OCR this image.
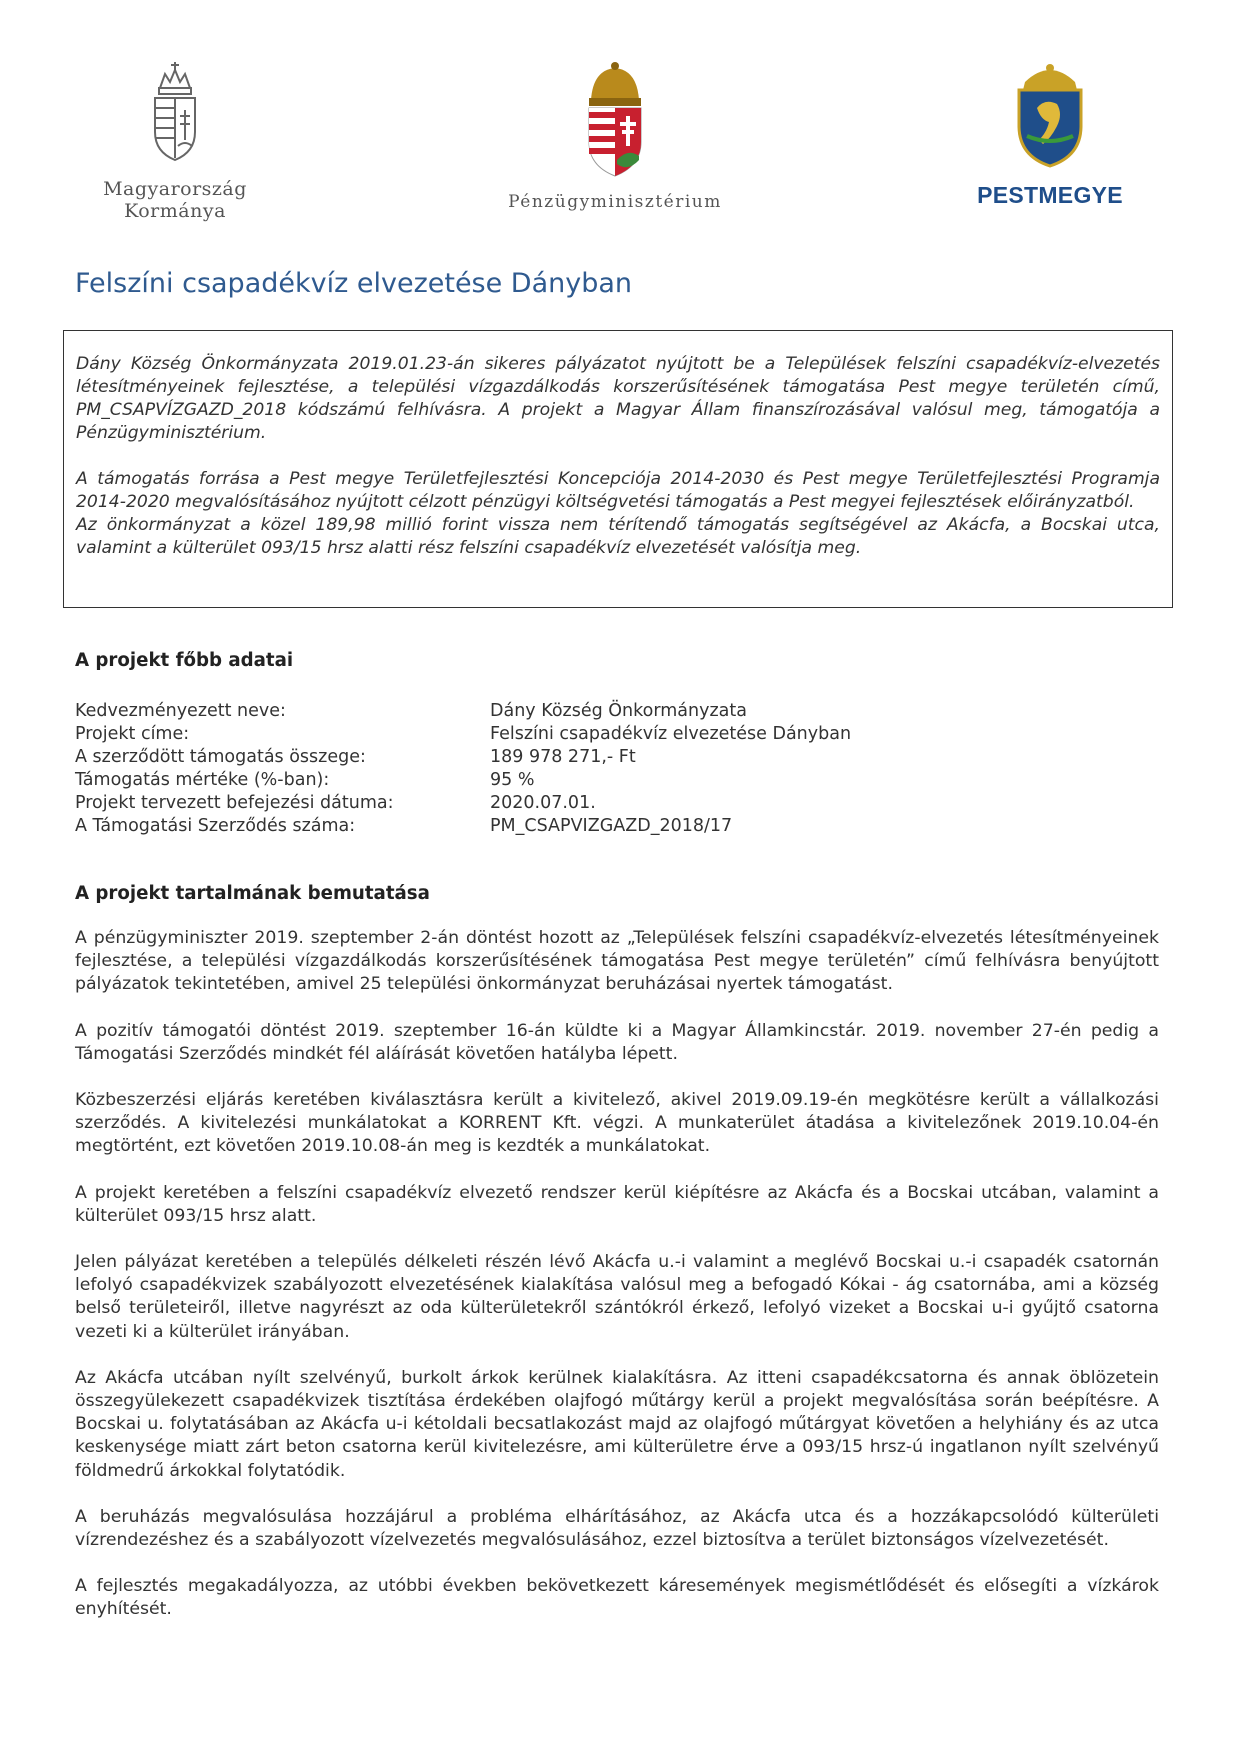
Magyarország
Kormánya	Pénzügyminisztérium	PESTMEGYE
Felszíni csapadékvíz elvezetése Dányban

Dány Község Önkormányzata 2019.01.23-án sikeres pályázatot nyújtott be a Települések felszíni csapadékvíz-elvezetés létesítményeinek fejlesztése, a települési vízgazdálkodás korszerűsítésének támogatása Pest megye területén című, PM_CSAPVÍZGAZD_2018 kódszámú felhívásra. A projekt a Magyar Állam finanszírozásával valósul meg, támogatója a Pénzügyminisztérium.

A támogatás forrása a Pest megye Területfejlesztési Koncepciója 2014-2030 és Pest megye Területfejlesztési Programja 2014-2020 megvalósításához nyújtott célzott pénzügyi költségvetési támogatás a Pest megyei fejlesztések előirányzatból.

Az önkormányzat a közel 189,98 millió forint vissza nem térítendő támogatás segítségével az Akácfa, a Bocskai utca, valamint a külterület 093/15 hrsz alatti rész felszíni csapadékvíz elvezetését valósítja meg.

A projekt főbb adatai
Kedvezményezett neve:	Dány Község Önkormányzata
Projekt címe:	Felszíni csapadékvíz elvezetése Dányban
A szerződött támogatás összege:	189 978 271,- Ft
Támogatás mértéke (%-ban):	95 %
Projekt tervezett befejezési dátuma:	2020.07.01.
A Támogatási Szerződés száma:	PM_CSAPVIZGAZD_2018/17
A projekt tartalmának bemutatása

A pénzügyminiszter 2019. szeptember 2-án döntést hozott az „Települések felszíni csapadékvíz-elvezetés létesítményeinek fejlesztése, a települési vízgazdálkodás korszerűsítésének támogatása Pest megye területén” című felhívásra benyújtott pályázatok tekintetében, amivel 25 települési önkormányzat beruházásai nyertek támogatást.

A pozitív támogatói döntést 2019. szeptember 16-án küldte ki a Magyar Államkincstár. 2019. november 27-én pedig a Támogatási Szerződés mindkét fél aláírását követően hatályba lépett.

Közbeszerzési eljárás keretében kiválasztásra került a kivitelező, akivel 2019.09.19-én megkötésre került a vállalkozási szerződés. A kivitelezési munkálatokat a KORRENT Kft. végzi. A munkaterület átadása a kivitelezőnek 2019.10.04-én megtörtént, ezt követően 2019.10.08-án meg is kezdték a munkálatokat.

A projekt keretében a felszíni csapadékvíz elvezető rendszer kerül kiépítésre az Akácfa és a Bocskai utcában, valamint a külterület 093/15 hrsz alatt.

Jelen pályázat keretében a település délkeleti részén lévő Akácfa u.-i valamint a meglévő Bocskai u.-i csapadék csatornán lefolyó csapadékvizek szabályozott elvezetésének kialakítása valósul meg a befogadó Kókai - ág csatornába, ami a község belső területeiről, illetve nagyrészt az oda külterületekről szántókról érkező, lefolyó vizeket a Bocskai u-i gyűjtő csatorna vezeti ki a külterület irányában.

Az Akácfa utcában nyílt szelvényű, burkolt árkok kerülnek kialakításra. Az itteni csapadékcsatorna és annak öblözetein összegyülekezett csapadékvizek tisztítása érdekében olajfogó műtárgy kerül a projekt megvalósítása során beépítésre. A Bocskai u. folytatásában az Akácfa u-i kétoldali becsatlakozást majd az olajfogó műtárgyat követően a helyhiány és az utca keskenysége miatt zárt beton csatorna kerül kivitelezésre, ami külterületre érve a 093/15 hrsz-ú ingatlanon nyílt szelvényű földmedrű árkokkal folytatódik.

A beruházás megvalósulása hozzájárul a probléma elhárításához, az Akácfa utca és a hozzákapcsolódó külterületi vízrendezéshez és a szabályozott vízelvezetés megvalósulásához, ezzel biztosítva a terület biztonságos vízelvezetését.

A fejlesztés megakadályozza, az utóbbi években bekövetkezett káresemények megismétlődését és elősegíti a vízkárok enyhítését.
